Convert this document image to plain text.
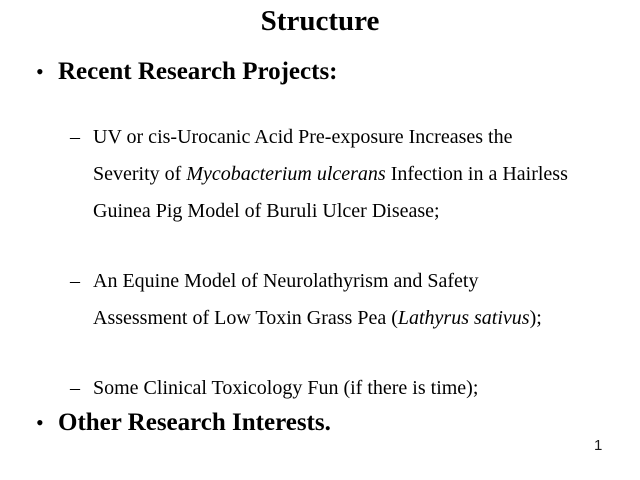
Structure
• Recent Research Projects:
– UV or cis-Urocanic Acid Pre-exposure Increases the
Severity of Mycobacterium ulcerans Infection in a Hairless
Guinea Pig Model of Buruli Ulcer Disease;
– An Equine Model of Neurolathyrism and Safety
Assessment of Low Toxin Grass Pea (Lathyrus sativus);
– Some Clinical Toxicology Fun (if there is time);
• Other Research Interests.
1
